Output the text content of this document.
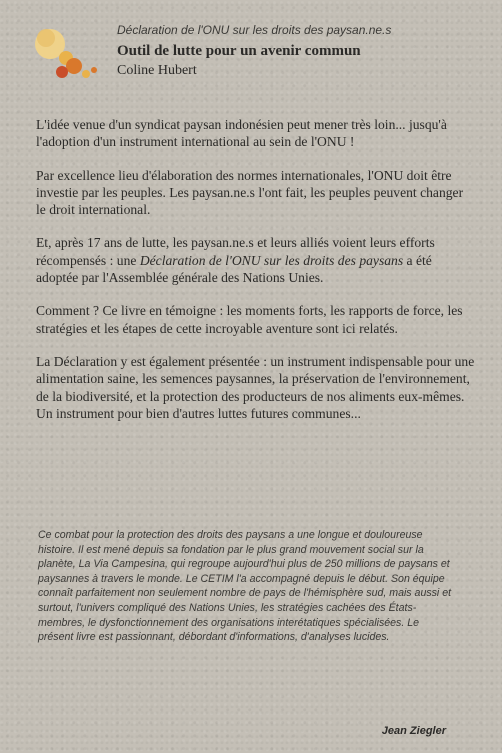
Déclaration de l'ONU sur les droits des paysan.ne.s
Outil de lutte pour un avenir commun
Coline Hubert

L'idée venue d'un syndicat paysan indonésien peut mener très loin... jusqu'à l'adoption d'un instrument international au sein de l'ONU !

Par excellence lieu d'élaboration des normes internationales, l'ONU doit être investie par les peuples. Les paysan.ne.s l'ont fait, les peuples peuvent changer le droit international.

Et, après 17 ans de lutte, les paysan.ne.s et leurs alliés voient leurs efforts récompensés : une Déclaration de l'ONU sur les droits des paysans a été adoptée par l'Assemblée générale des Nations Unies.

Comment ? Ce livre en témoigne : les moments forts, les rapports de force, les stratégies et les étapes de cette incroyable aventure sont ici relatés.

La Déclaration y est également présentée : un instrument indispensable pour une alimentation saine, les semences paysannes, la préservation de l'environnement, de la biodiversité, et la protection des producteurs de nos aliments eux-mêmes. Un instrument pour bien d'autres luttes futures communes...

Ce combat pour la protection des droits des paysans a une longue et douloureuse histoire. Il est mené depuis sa fondation par le plus grand mouvement social sur la planète, La Via Campesina, qui regroupe aujourd'hui plus de 250 millions de paysans et paysannes à travers le monde. Le CETIM l'a accompagné depuis le début. Son équipe connaît parfaitement non seulement nombre de pays de l'hémisphère sud, mais aussi et surtout, l'univers compliqué des Nations Unies, les stratégies cachées des États-membres, le dysfonctionnement des organisations interétatiques spécialisées. Le présent livre est passionnant, débordant d'informations, d'analyses lucides.
Jean Ziegler
